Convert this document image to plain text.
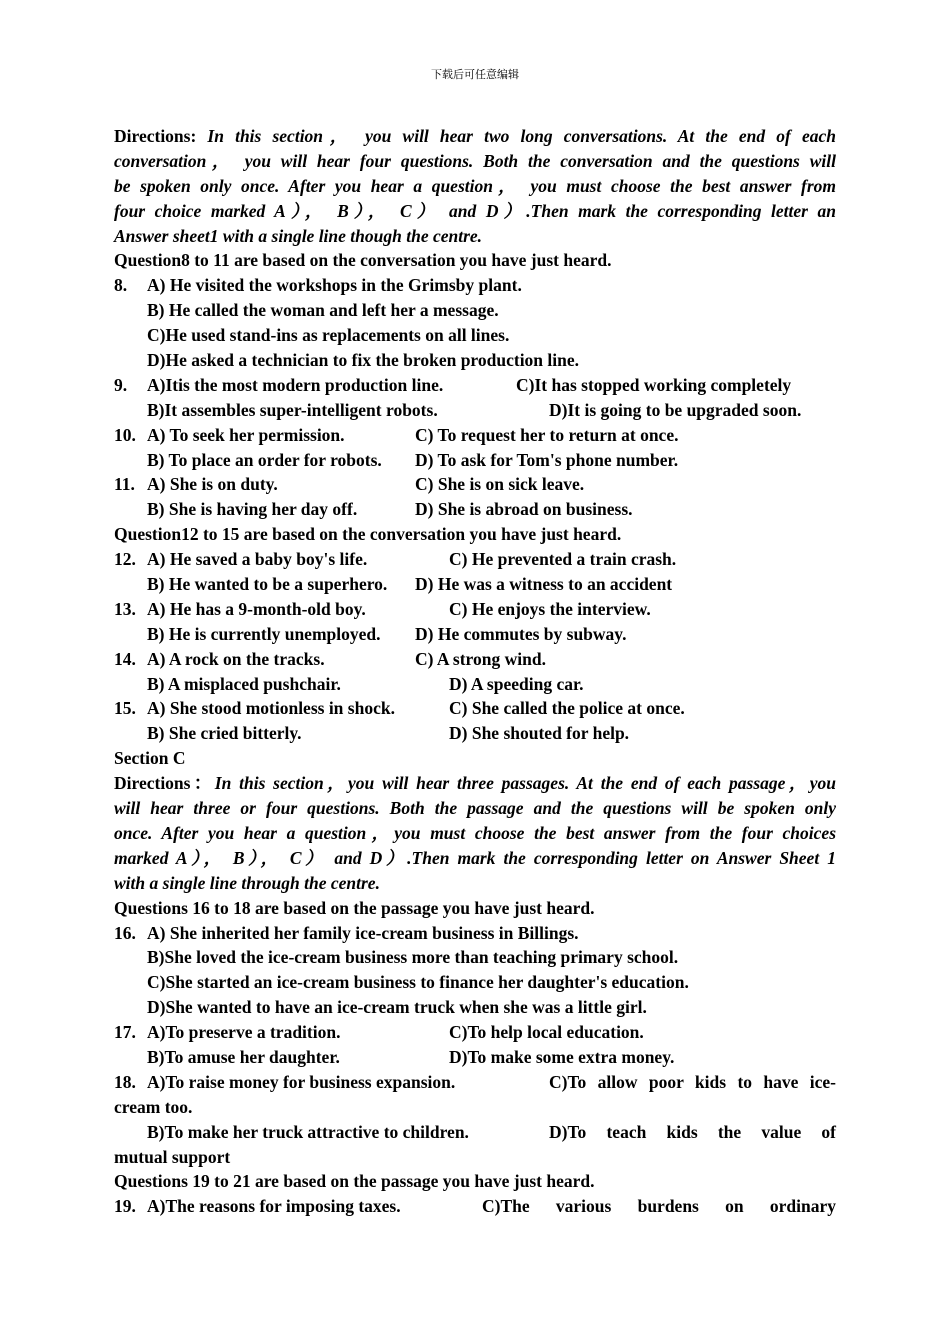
下载后可任意编辑
Directions: In this section， you will hear two long conversations. At the end of each
conversation， you will hear four questions. Both the conversation and the questions will
be spoken only once. After you hear a question， you must choose the best answer from
four choice marked A）， B）， C） and D）.Then mark the corresponding letter an
Answer sheet1 with a single line though the centre.
Question8 to 11 are based on the conversation you have just heard.
8. A) He visited the workshops in the Grimsby plant.
B) He called the woman and left her a message.
C)He used stand-ins as replacements on all lines.
D)He asked a technician to fix the broken production line.
9. A)Itis the most modern production line.	C)It has stopped working completely
B)It assembles super-intelligent robots.	D)It is going to be upgraded soon.
10. A) To seek her permission.	C) To request her to return at once.
B) To place an order for robots. D) To ask for Tom's phone number.
11. A) She is on duty.	C) She is on sick leave.
B) She is having her day off.	D) She is abroad on business.
Question12 to 15 are based on the conversation you have just heard.
12. A) He saved a baby boy's life.	C) He prevented a train crash.
B) He wanted to be a superhero. D) He was a witness to an accident
13. A) He has a 9-month-old boy.	C) He enjoys the interview.
B) He is currently unemployed. D) He commutes by subway.
14. A) A rock on the tracks.	C) A strong wind.
B) A misplaced pushchair.	D) A speeding car.
15. A) She stood motionless in shock.	C) She called the police at once.
B) She cried bitterly.	D) She shouted for help.
Section C
Directions：In this section，you will hear three passages. At the end of each passage，you
will hear three or four questions. Both the passage and the questions will be spoken only
once. After you hear a question，you must choose the best answer from the four choices
marked A）， B）， C） and D）.Then mark the corresponding letter on Answer Sheet 1
with a single line through the centre.
Questions 16 to 18 are based on the passage you have just heard.
16. A) She inherited her family ice-cream business in Billings.
B)She loved the ice-cream business more than teaching primary school.
C)She started an ice-cream business to finance her daughter's education.
D)She wanted to have an ice-cream truck when she was a little girl.
17. A)To preserve a tradition.	C)To help local education.
B)To amuse her daughter.	D)To make some extra money.
18. A)To raise money for business expansion.	C)To allow poor kids to have ice-
cream too.
B)To make her truck attractive to children.	D)To teach kids the value of
mutual support
Questions 19 to 21 are based on the passage you have just heard.
19. A)The reasons for imposing taxes.	C)The various burdens on ordinary
